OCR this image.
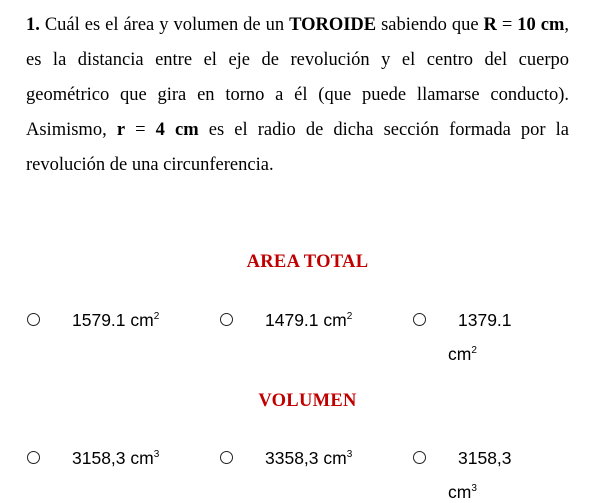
1. Cuál es el área y volumen de un TOROIDE sabiendo que R = 10 cm, es la distancia entre el eje de revolución y el centro del cuerpo geométrico que gira en torno a él (que puede llamarse conducto). Asimismo, r = 4 cm es el radio de dicha sección formada por la revolución de una circunferencia.
AREA TOTAL
1579.1 $cm^2$	1479.1 $cm^2$	1379.1
$cm^2$
VOLUMEN
3158,3 $cm^3$	3358,3 $cm^3$	3158,3
$cm^3$
